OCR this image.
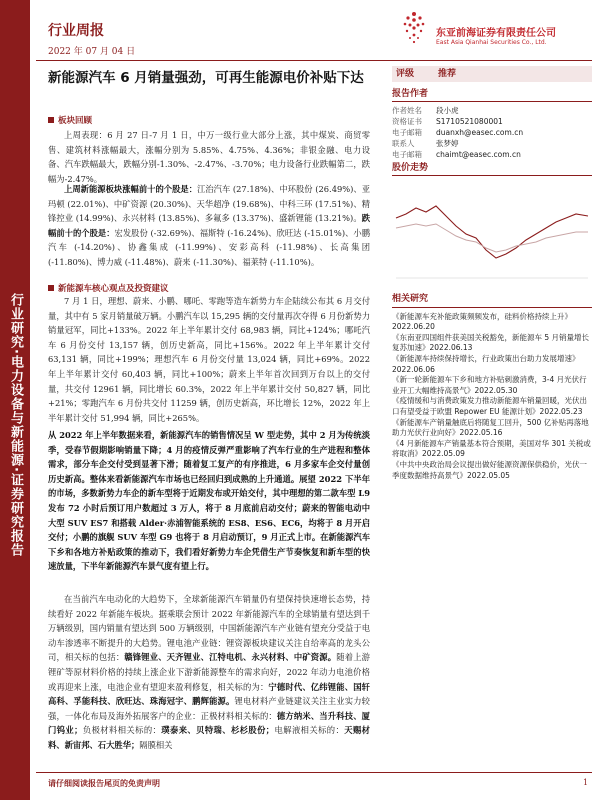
行业研究·电力设备与新能源·证券研究报告
行业周报
2022 年 07 月 04 日
东亚前海证券有限责任公司
East Asia Qianhai Securities Co., Ltd.
新能源汽车 6 月销量强劲，可再生能源电价补贴下达
板块回顾
上周表现：6 月 27 日-7 月 1 日，中万一级行业大部分上涨，其中煤炭、商贸零售、建筑材料涨幅最大，涨幅分别为 5.85%、4.75%、4.36%；非银金融、电力设备、汽车跌幅最大，跌幅分别-1.30%、-2.47%、-3.70%；电力设备行业跌幅第二，跌幅为-2.47%。
上周新能源板块涨幅前十的个股是：江治汽车 (27.18%)、中环股份 (26.49%)、亚玛顿 (22.01%)、中矿资源 (20.30%)、天华超净 (19.68%)、中科三环 (17.51%)、精锋控业 (14.99%)、永兴材料 (13.85%)、多氟多 (13.37%)、盛新锂能 (13.21%)。跌幅前十的个股是：宏发股份 (-32.69%)、福斯特 (-16.24%)、欣旺达 (-15.01%)、小鹏汽车 (-14.20%)、协鑫集成 (-11.99%)、安彩高科 (-11.98%)、长高集团 (-11.80%)、博力威 (-11.48%)、蔚来 (-11.30%)、福莱特 (-11.10%)。
新能源车核心观点及投资建议
7 月 1 日，理想、蔚来、小鹏、哪吒、零跑等造车新势力车企陆续公布其 6 月交付量，其中有 5 家月销量破万辆。小鹏汽车以 15,295 辆的交付量再次夺得 6 月份新势力销量冠军，同比+133%。2022 年上半年累计交付 68,983 辆，同比+124%；哪吒汽车 6 月份交付 13,157 辆，创历史新高，同比+156%。2022 年上半年累计交付 63,131 辆，同比+199%；理想汽车 6 月份交付量 13,024 辆，同比+69%。2022 年上半年累计交付 60,403 辆，同比+100%；蔚来上半年首次回到万台以上的交付量，共交付 12961 辆，同比增长 60.3%，2022 年上半年累计交付 50,827 辆，同比+21%；零跑汽车 6 月份共交付 11259 辆，创历史新高，环比增长 12%，2022 年上半年累计交付 51,994 辆，同比+265%。
从 2022 年上半年数据来看，新能源汽车的销售情况呈 W 型走势，其中 2 月为传统淡季，受春节假期影响销量下降；4 月的疫情反弹严重影响了汽车行业的生产进程和整体需求，部分车企交付受到显著下滑；随着复工复产的有序推进，6 月多家车企交付量创历史新高。整体来看新能源汽车市场也已经回归到成熟的上升通道。展望 2022 下半年的市场，多数新势力车企的新车型将于近期发布或开始交付，其中理想的第二款车型 L9 发布 72 小时后预订用户数超过 3 万人，将于 8 月底前启动交付；蔚来的智能电动中大型 SUV ES7 和搭载 Alder·赤浦智能系统的 ES8、ES6、EC6，均将于 8 月开启交付；小鹏的旗舰 SUV 车型 G9 也将于 8 月启动预订，9 月正式上市。在新能源汽车下乡和各地方补贴政策的推动下，我们看好新势力车企凭借生产节奏恢复和新车型的快速放量，下半年新能源汽车景气度有望上行。
在当前汽车电动化的大趋势下，全球新能源汽车销量仍有望保持快速增长态势，持续看好 2022 年新能车板块。据乘联会预计 2022 年新能源汽车的全球销量有望达到千万辆级别，国内销量有望达到 500 万辆级别，中国新能源汽车产业链有望充分受益于电动车渗透率不断提升的大趋势。锂电池产业链：锂资源板块建议关注自给率高的龙头公司，相关标的包括：赣锋锂业、天齐锂业、江特电机、永兴材料、中矿资源。随着上游锂矿等原材料价格的持续上涨企业下游新能源整车的需求向好，2022 年动力电池价格或再迎来上涨，电池企业有望迎来盈利修复，相关标的为：宁德时代、亿纬锂能、国轩高科、孚能科技、欣旺达、珠海冠宇、鹏辉能源。锂电材料产业链建议关注主业实力较强，一体化布局及海外拓展客户的企业：正极材料相关标的：德方纳米、当升科技、厦门钨业；负极材料相关标的：璞泰来、贝特瑞、杉杉股份；电解液相关标的：天赐材料、新宙邦、石大胜华；隔膜相关
评级	推荐
报告作者
作者姓名	段小虎
资格证书	S1710521080001
电子邮箱	duanxh@easec.com.cn
联系人	张梦婷
电子邮箱	chaimt@easec.com.cn
股价走势
相关研究

《新能源车充补能政策频频发布，硅料价格持续上升》2022.06.20

《东南亚四国组件获美国关税豁免，新能源车 5 月销量增长复苏加速》2022.06.13

《新能源车持续保持增长，行业政策出台助力发展增速》2022.06.06

《新一轮新能源车下乡和地方补贴刺激消费，3-4 月光伏行业开工大幅维持高景气》2022.05.30

《疫情缓和与消费政策发力推动新能源车销量回暖，光伏出口有望受益于欧盟 Repower EU 能源计划》2022.05.23

《新能源车产销量触底后将随复工回升，500 亿补贴再落地助力光伏行业向好》2022.05.16

《4 月新能源车产销量基本符合预期，美国对华 301 关税或将取消》2022.05.09

《中共中央政治局会议提出做好能源资源保供稳价，光伏一季度数据维持高景气》2022.05.05

请仔细阅读报告尾页的免责声明	1
